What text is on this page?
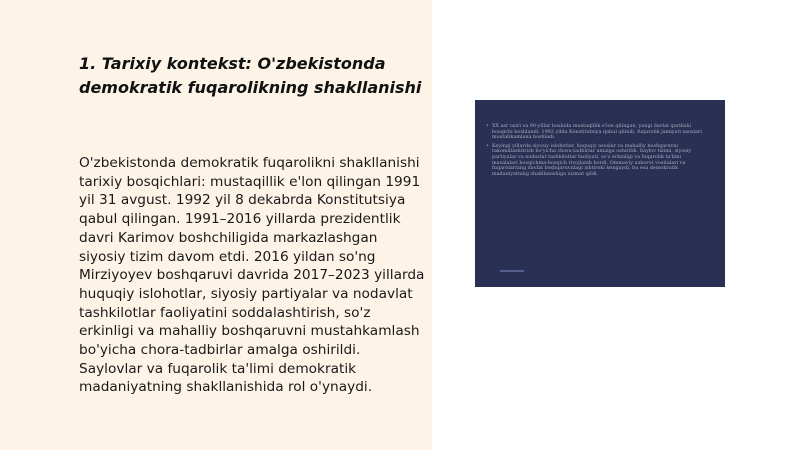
1. Tarixiy kontekst: O'zbekistonda demokratik fuqarolikning shakllanishi

O'zbekistonda demokratik fuqarolikni shakllanishi tarixiy bosqichlari: mustaqillik e'lon qilingan 1991 yil 31 avgust. 1992 yil 8 dekabrda Konstitutsiya qabul qilingan. 1991–2016 yillarda prezidentlik davri Karimov boshchiligida markazlashgan siyosiy tizim davom etdi. 2016 yildan so'ng Mirziyoyev boshqaruvi davrida 2017–2023 yillarda huquqiy islohotlar, siyosiy partiyalar va nodavlat tashkilotlar faoliyatini soddalashtirish, so'z erkinligi va mahalliy boshqaruvni mustahkamlash bo'yicha chora-tadbirlar amalga oshirildi. Saylovlar va fuqarolik ta'limi demokratik madaniyatning shakllanishida rol o'ynaydi.

• XX asr oxiri va 90-yillar boshida mustaqillik e'lon qilingan, yangi davlat qurilishi bosqichi boshlandi. 1992 yilda Konstitutsiya qabul qilinib, fuqarolik jamiyati asoslari mustahkamlana boshladi.

• Keyingi yillarda siyosiy islohotlar, huquqiy asoslar va mahalliy boshqaruvni takomillashtirish bo'yicha chora-tadbirlar amalga oshirildi. Saylov tizimi, siyosiy partiyalar va nodavlat tashkilotlar faoliyati, so'z erkinligi va fuqarolik ta'limi masalalari bosqichma-bosqich rivojlanib bordi. Ommaviy axborot vositalari va fuqarolarning davlat boshqaruvidagi ishtiroki kengaydi, bu esa demokratik madaniyatning shakllanishiga xizmat qildi.
